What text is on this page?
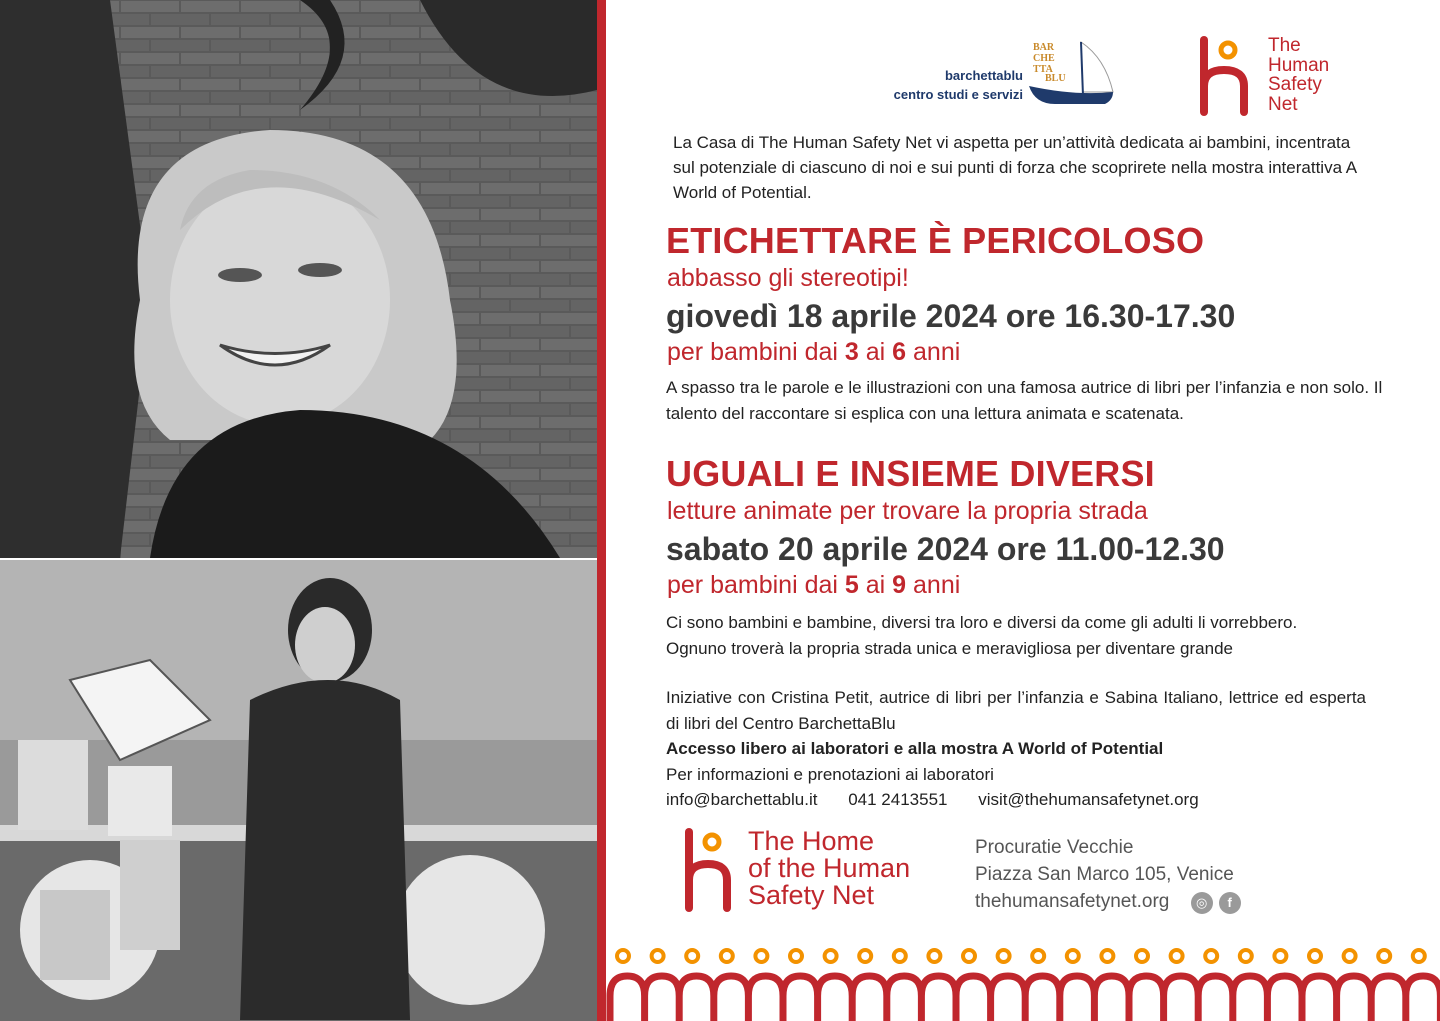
barchettablu
centro studi e servizi
BAR
CHE
TTA
BLU
The
Human
Safety
Net
La Casa di The Human Safety Net vi aspetta per un’attività dedicata ai bambini, incentrata sul potenziale di ciascuno di noi e sui punti di forza che scoprirete nella mostra interattiva A World of Potential.
ETICHETTARE È PERICOLOSO
abbasso gli stereotipi!
giovedì 18 aprile 2024 ore 16.30-17.30
per bambini dai 3 ai 6 anni
A spasso tra le parole e le illustrazioni con una famosa autrice di libri per l’infanzia e non solo. Il talento del raccontare si esplica con una lettura animata e scatenata.
UGUALI E INSIEME DIVERSI
letture animate per trovare la propria strada
sabato 20 aprile 2024 ore 11.00-12.30
per bambini dai 5 ai 9 anni
Ci sono bambini e bambine, diversi tra loro e diversi da come gli adulti li vorrebbero.
Ognuno troverà la propria strada unica e meravigliosa per diventare grande
Iniziative con Cristina Petit, autrice di libri per l’infanzia e Sabina Italiano, lettrice ed esperta di libri del Centro BarchettaBlu
Accesso libero ai laboratori e alla mostra A World of Potential
Per informazioni e prenotazioni ai laboratori
info@barchettablu.it 041 2413551 visit@thehumansafetynet.org
The Home
of the Human
Safety Net
Procuratie Vecchie
Piazza San Marco 105, Venice
thehumansafetynet.org ◎ f
